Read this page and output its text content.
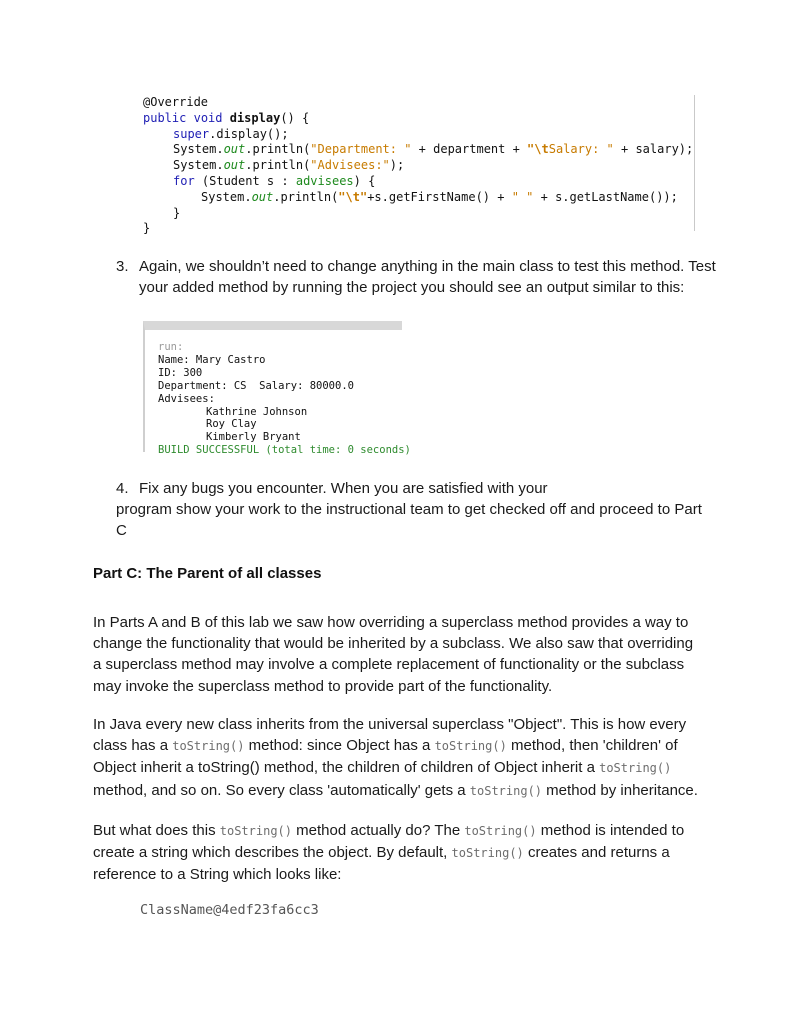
@Override
public void display() {
super.display();
System.out.println("Department: " + department + "\tSalary: " + salary);
System.out.println("Advisees:");
for (Student s : advisees) {
System.out.println("\t"+s.getFirstName() + " " + s.getLastName());
}
}
3. Again, we shouldn’t need to change anything in the main class to test this method. Test your added method by running the project you should see an output similar to this:
run:
Name: Mary Castro
ID: 300
Department: CS  Salary: 80000.0
Advisees:
Kathrine Johnson
Roy Clay
Kimberly Bryant
BUILD SUCCESSFUL (total time: 0 seconds)
4. Fix any bugs you encounter. When you are satisfied with your
program show your work to the instructional team to get checked off and proceed to Part C
Part C: The Parent of all classes
In Parts A and B of this lab we saw how overriding a superclass method provides a way to change the functionality that would be inherited by a subclass. We also saw that overriding a superclass method may involve a complete replacement of functionality or the subclass may invoke the superclass method to provide part of the functionality.
In Java every new class inherits from the universal superclass "Object". This is how every class has a toString() method: since Object has a toString() method, then 'children' of Object inherit a toString() method, the children of children of Object inherit a toString() method, and so on. So every class 'automatically' gets a toString() method by inheritance.
But what does this toString() method actually do? The toString() method is intended to create a string which describes the object. By default, toString() creates and returns a reference to a String which looks like:
ClassName@4edf23fa6cc3
